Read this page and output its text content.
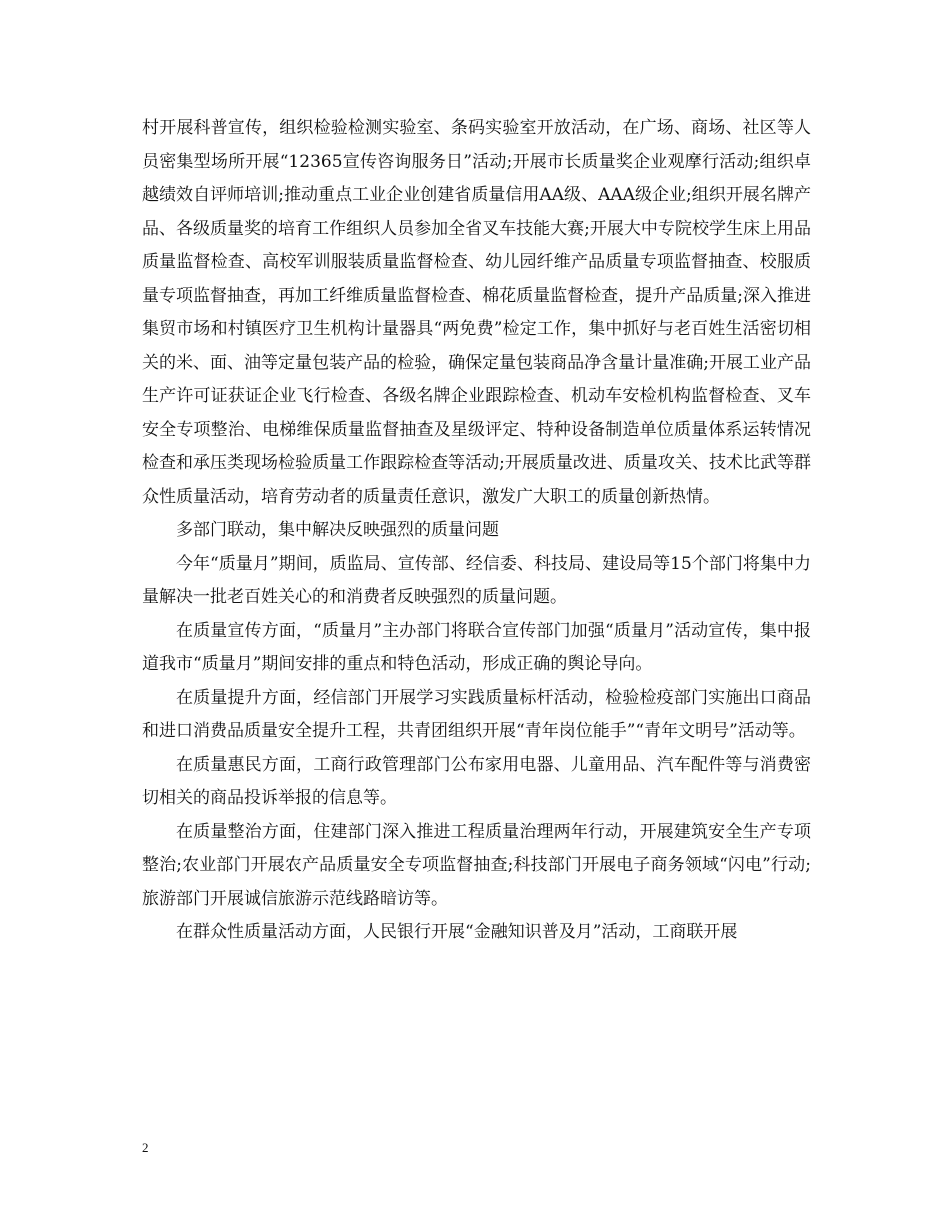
村开展科普宣传，组织检验检测实验室、条码实验室开放活动，在广场、商场、社区等人员密集型场所开展“12365宣传咨询服务日”活动;开展市长质量奖企业观摩行活动;组织卓越绩效自评师培训;推动重点工业企业创建省质量信用AA级、AAA级企业;组织开展名牌产品、各级质量奖的培育工作组织人员参加全省叉车技能大赛;开展大中专院校学生床上用品质量监督检查、高校军训服装质量监督检查、幼儿园纤维产品质量专项监督抽查、校服质量专项监督抽查，再加工纤维质量监督检查、棉花质量监督检查，提升产品质量;深入推进集贸市场和村镇医疗卫生机构计量器具“两免费”检定工作，集中抓好与老百姓生活密切相关的米、面、油等定量包装产品的检验，确保定量包装商品净含量计量准确;开展工业产品生产许可证获证企业飞行检查、各级名牌企业跟踪检查、机动车安检机构监督检查、叉车安全专项整治、电梯维保质量监督抽查及星级评定、特种设备制造单位质量体系运转情况检查和承压类现场检验质量工作跟踪检查等活动;开展质量改进、质量攻关、技术比武等群众性质量活动，培育劳动者的质量责任意识，激发广大职工的质量创新热情。

多部门联动，集中解决反映强烈的质量问题

今年“质量月”期间，质监局、宣传部、经信委、科技局、建设局等15个部门将集中力量解决一批老百姓关心的和消费者反映强烈的质量问题。

在质量宣传方面，“质量月”主办部门将联合宣传部门加强“质量月”活动宣传，集中报道我市“质量月”期间安排的重点和特色活动，形成正确的舆论导向。

在质量提升方面，经信部门开展学习实践质量标杆活动，检验检疫部门实施出口商品和进口消费品质量安全提升工程，共青团组织开展“青年岗位能手”“青年文明号”活动等。

在质量惠民方面，工商行政管理部门公布家用电器、儿童用品、汽车配件等与消费密切相关的商品投诉举报的信息等。

在质量整治方面，住建部门深入推进工程质量治理两年行动，开展建筑安全生产专项整治;农业部门开展农产品质量安全专项监督抽查;科技部门开展电子商务领域“闪电”行动;旅游部门开展诚信旅游示范线路暗访等。

在群众性质量活动方面，人民银行开展“金融知识普及月”活动，工商联开展

2
